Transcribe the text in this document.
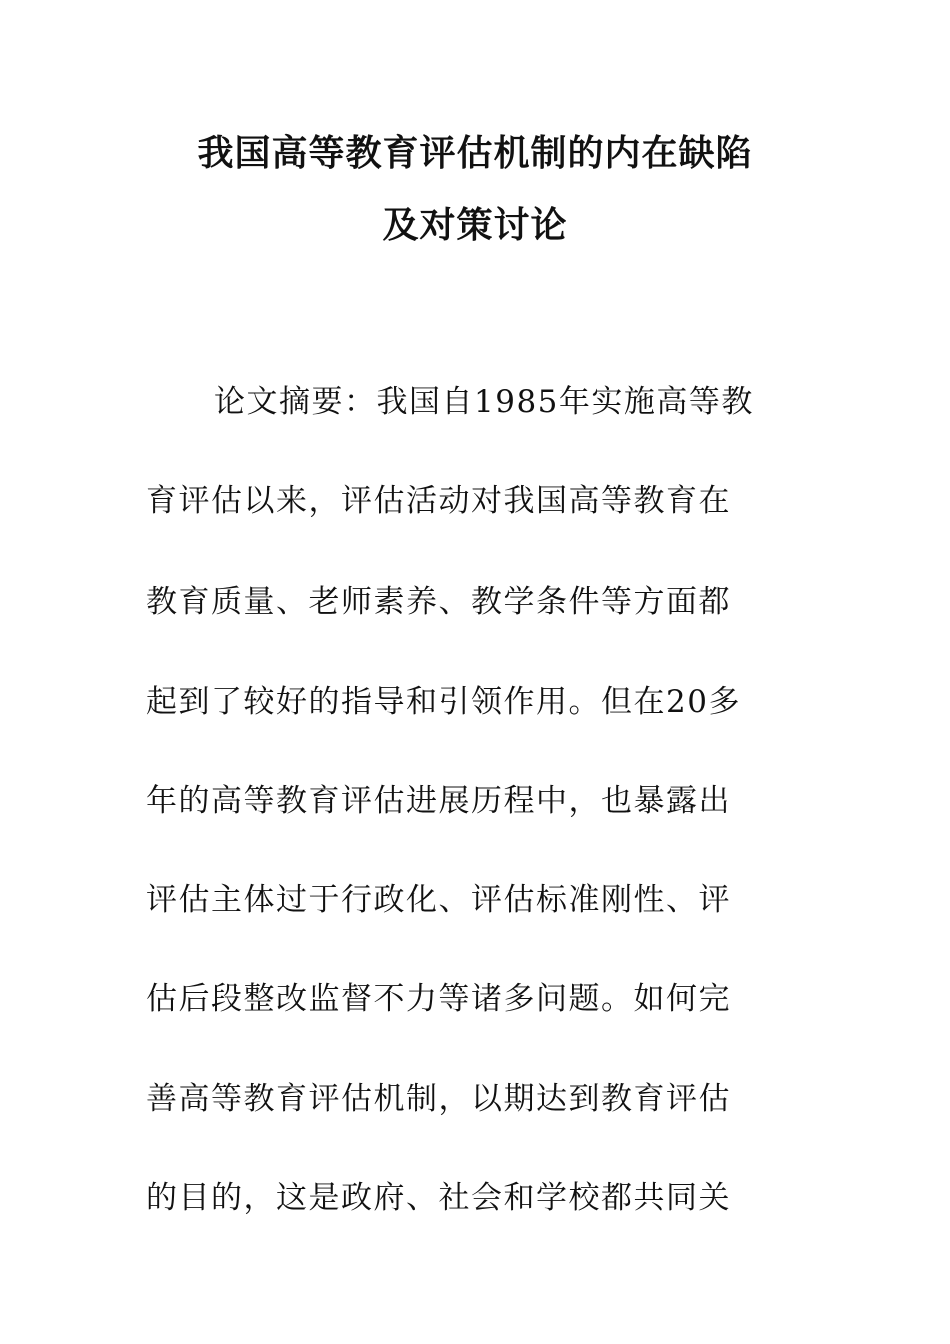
我国高等教育评估机制的内在缺陷
及对策讨论
论文摘要：我国自1985年实施高等教
育评估以来，评估活动对我国高等教育在
教育质量、老师素养、教学条件等方面都
起到了较好的指导和引领作用。但在20多
年的高等教育评估进展历程中，也暴露出
评估主体过于行政化、评估标准刚性、评
估后段整改监督不力等诸多问题。如何完
善高等教育评估机制，以期达到教育评估
的目的，这是政府、社会和学校都共同关
